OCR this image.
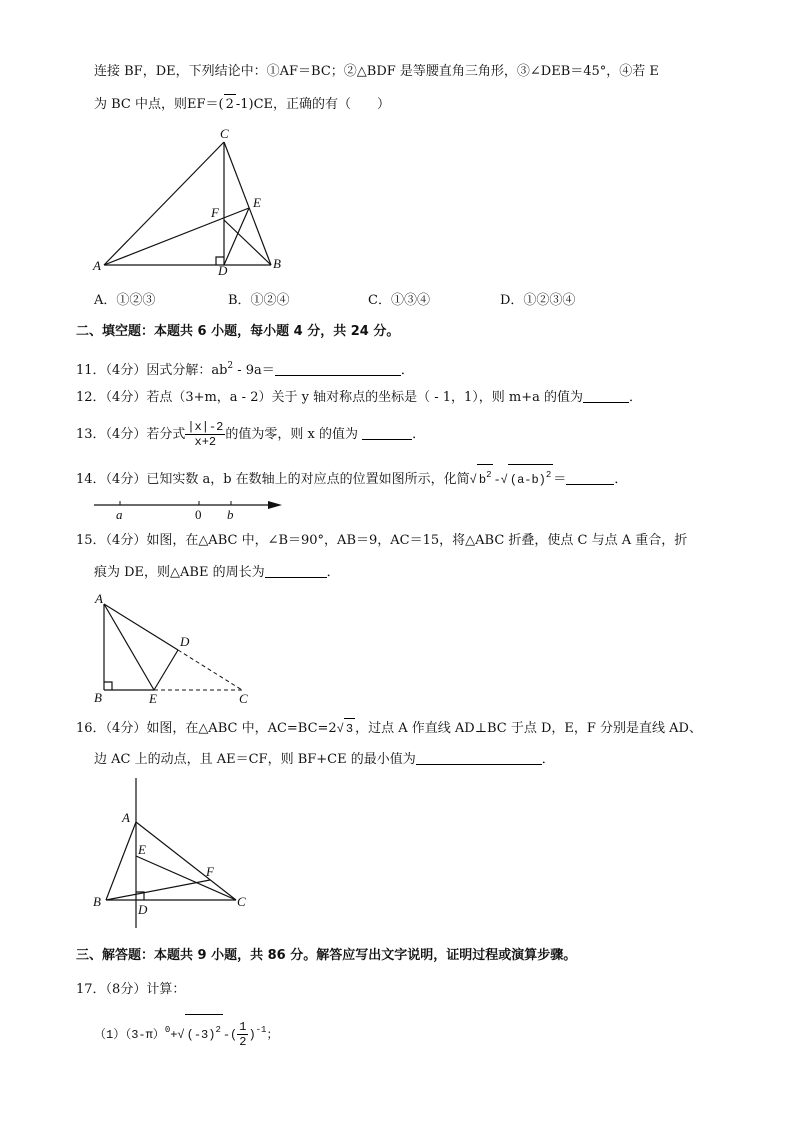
连接 BF，DE，下列结论中：①AF＝BC；②△BDF 是等腰直角三角形，③∠DEB＝45°，④若 E
为 BC 中点，则EF＝( 2 -1)CE，正确的有（　　）
C
E
F
A	D	B
A．①②③	B．①②④	C．①③④	D．①②③④
二、填空题：本题共 6 小题，每小题 4 分，共 24 分。
11．（4分）因式分解：$ab^2 - 9a=$	．
12．（4分）若点（3+m，a - 2）关于 y 轴对称点的坐标是（ - 1，1），则 m+a 的值为	．
13．（4分）若分式 $\frac{|x|-2}{x+2}$ 的值为零，则 x 的值为	．
14．（4分）已知实数 a，b 在数轴上的对应点的位置如图所示，化简√ $b^2$ -√ $(a-b)^2$ ＝	．
a	0 b
15．（4分）如图，在△ABC 中，∠B＝90°，AB＝9，AC＝15，将△ABC 折叠，使点 C 与点 A 重合，折
痕为 DE，则△ABE 的周长为	．
A
D
B	E	C
16．（4分）如图，在△ABC 中，AC=BC=2√ 3 ，过点 A 作直线 AD⊥BC 于点 D，E，F 分别是直线 AD、
边 AC 上的动点，且 AE＝CF，则 BF+CE 的最小值为	．
A
E
F
B
D
C
三、解答题：本题共 9 小题，共 86 分。解答应写出文字说明，证明过程或演算步骤。
17．（8分）计算：
$(1)(3-\pi)^0+√$ $(-3)^2$ -( $\frac{1}{2} )^{-1}$；
